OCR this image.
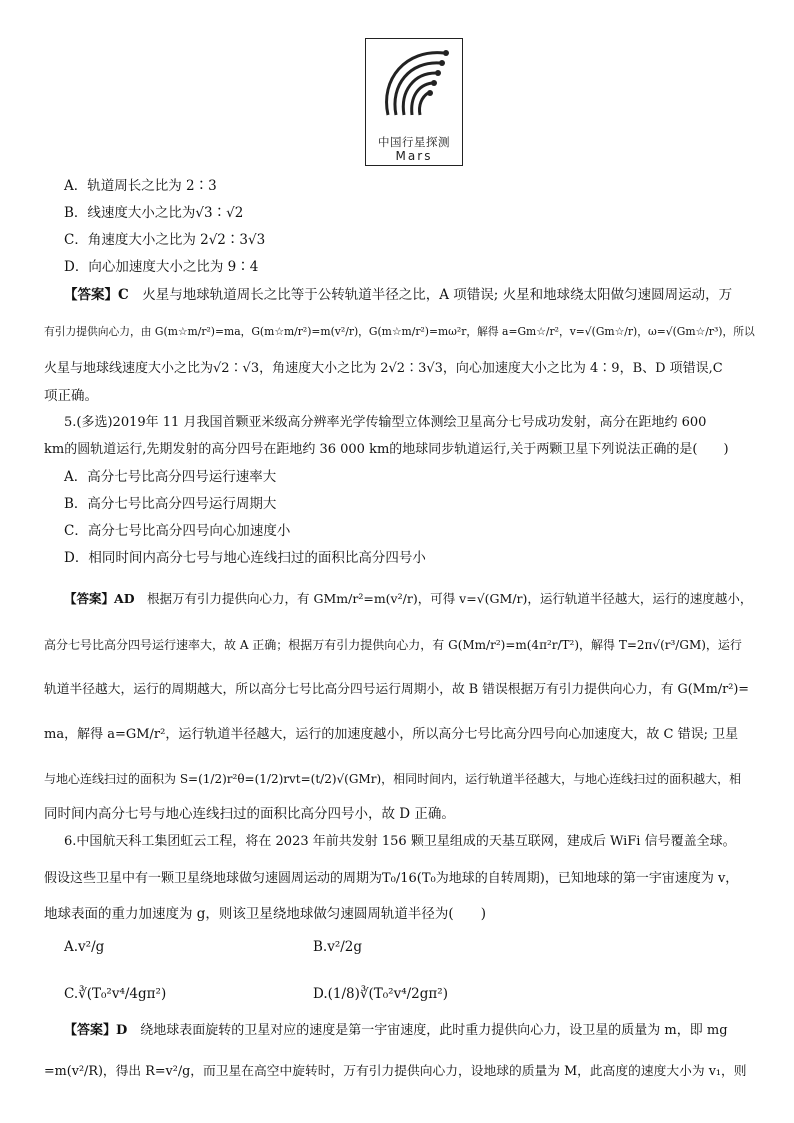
中国行星探测
Mars
A．轨道周长之比为 2∶3
B．线速度大小之比为√3∶√2
C．角速度大小之比为 2√2∶3√3
D．向心加速度大小之比为 9∶4
【答案】C　火星与地球轨道周长之比等于公转轨道半径之比，A 项错误; 火星和地球绕太阳做匀速圆周运动，万
有引力提供向心力，由 G(m☆m/r²)=ma，G(m☆m/r²)=m(v²/r)，G(m☆m/r²)=mω²r，解得 a=Gm☆/r²，v=√(Gm☆/r)，ω=√(Gm☆/r³)，所以
火星与地球线速度大小之比为√2∶√3，角速度大小之比为 2√2∶3√3，向心加速度大小之比为 4∶9，B、D 项错误,C
项正确。
5.(多选)2019年 11 月我国首颗亚米级高分辨率光学传输型立体测绘卫星高分七号成功发射，高分在距地约 600
km的圆轨道运行,先期发射的高分四号在距地约 36 000 km的地球同步轨道运行,关于两颗卫星下列说法正确的是(　　)
A．高分七号比高分四号运行速率大
B．高分七号比高分四号运行周期大
C．高分七号比高分四号向心加速度小
D．相同时间内高分七号与地心连线扫过的面积比高分四号小
【答案】AD　根据万有引力提供向心力，有 GMm/r²=m(v²/r)，可得 v=√(GM/r)，运行轨道半径越大，运行的速度越小，
高分七号比高分四号运行速率大，故 A 正确；根据万有引力提供向心力，有 G(Mm/r²)=m(4π²r/T²)，解得 T=2π√(r³/GM)，运行
轨道半径越大，运行的周期越大，所以高分七号比高分四号运行周期小，故 B 错误根据万有引力提供向心力，有 G(Mm/r²)=
ma，解得 a=GM/r²，运行轨道半径越大，运行的加速度越小，所以高分七号比高分四号向心加速度大，故 C 错误; 卫星
与地心连线扫过的面积为 S=(1/2)r²θ=(1/2)rvt=(t/2)√(GMr)，相同时间内，运行轨道半径越大，与地心连线扫过的面积越大，相
同时间内高分七号与地心连线扫过的面积比高分四号小，故 D 正确。
6.中国航天科工集团虹云工程，将在 2023 年前共发射 156 颗卫星组成的天基互联网，建成后 WiFi 信号覆盖全球。
假设这些卫星中有一颗卫星绕地球做匀速圆周运动的周期为T₀/16(T₀为地球的自转周期)，已知地球的第一宇宙速度为 v，
地球表面的重力加速度为 g，则该卫星绕地球做匀速圆周轨道半径为(　　)
A.v²/g	B.v²/2g
C.∛(T₀²v⁴/4gπ²)	D.(1/8)∛(T₀²v⁴/2gπ²)
【答案】D　绕地球表面旋转的卫星对应的速度是第一宇宙速度，此时重力提供向心力，设卫星的质量为 m，即 mg
=m(v²/R)，得出 R=v²/g，而卫星在高空中旋转时，万有引力提供向心力，设地球的质量为 M，此高度的速度大小为 v₁，则
